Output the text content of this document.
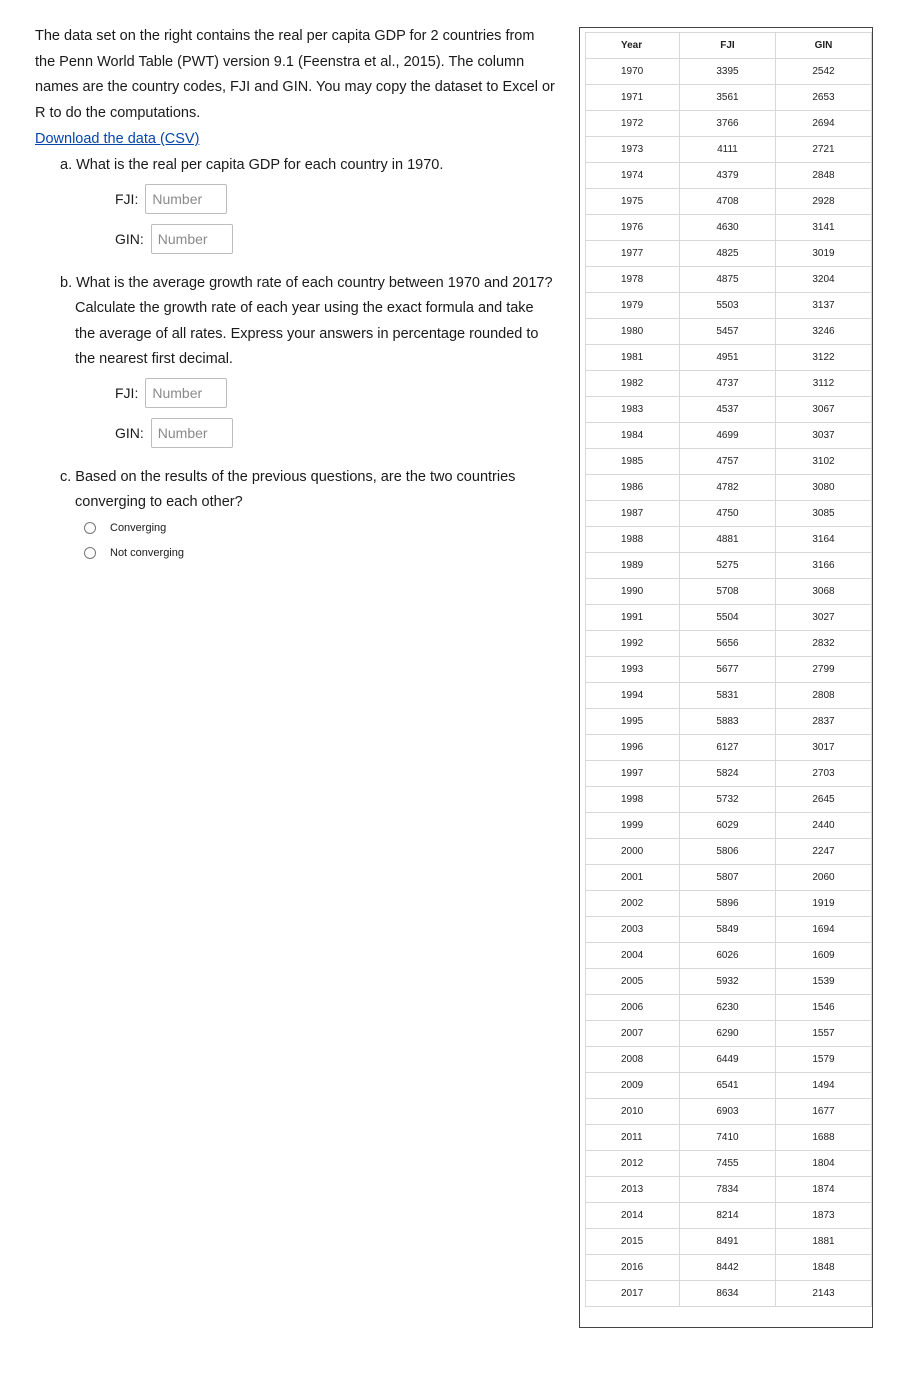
The data set on the right contains the real per capita GDP for 2 countries from the Penn World Table (PWT) version 9.1 (Feenstra et al., 2015). The column names are the country codes, FJI and GIN. You may copy the dataset to Excel or R to do the computations.

Download the data (CSV)

a. What is the real per capita GDP for each country in 1970.

FJI:
Number
GIN:
Number

b. What is the average growth rate of each country between 1970 and 2017? Calculate the growth rate of each year using the exact formula and take the average of all rates. Express your answers in percentage rounded to the nearest first decimal.

FJI:
Number
GIN:
Number

c. Based on the results of the previous questions, are the two countries converging to each other?

Converging
Not converging
Year	FJI	GIN
1970	3395	2542
1971	3561	2653
1972	3766	2694
1973	4111	2721
1974	4379	2848
1975	4708	2928
1976	4630	3141
1977	4825	3019
1978	4875	3204
1979	5503	3137
1980	5457	3246
1981	4951	3122
1982	4737	3112
1983	4537	3067
1984	4699	3037
1985	4757	3102
1986	4782	3080
1987	4750	3085
1988	4881	3164
1989	5275	3166
1990	5708	3068
1991	5504	3027
1992	5656	2832
1993	5677	2799
1994	5831	2808
1995	5883	2837
1996	6127	3017
1997	5824	2703
1998	5732	2645
1999	6029	2440
2000	5806	2247
2001	5807	2060
2002	5896	1919
2003	5849	1694
2004	6026	1609
2005	5932	1539
2006	6230	1546
2007	6290	1557
2008	6449	1579
2009	6541	1494
2010	6903	1677
2011	7410	1688
2012	7455	1804
2013	7834	1874
2014	8214	1873
2015	8491	1881
2016	8442	1848
2017	8634	2143
